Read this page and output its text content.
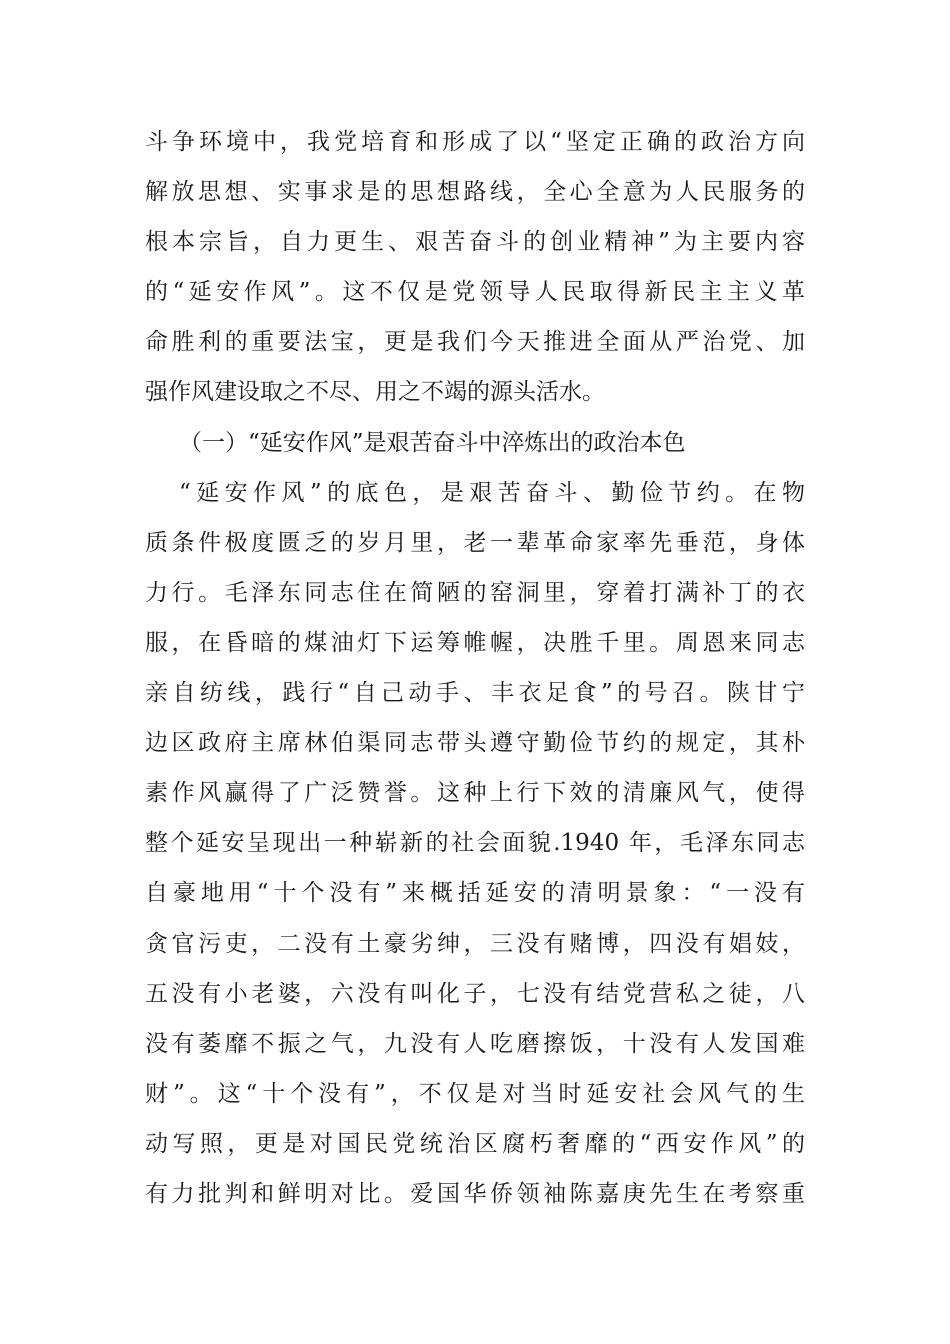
斗争环境中，我党培育和形成了以“坚定正确的政治方向
解放思想、实事求是的思想路线，全心全意为人民服务的
根本宗旨，自力更生、艰苦奋斗的创业精神”为主要内容
的“延安作风”。这不仅是党领导人民取得新民主主义革
命胜利的重要法宝，更是我们今天推进全面从严治党、加
强作风建设取之不尽、用之不竭的源头活水。
（一）“延安作风”是艰苦奋斗中淬炼出的政治本色
“延安作风”的底色，是艰苦奋斗、勤俭节约。在物
质条件极度匮乏的岁月里，老一辈革命家率先垂范，身体
力行。毛泽东同志住在简陋的窑洞里，穿着打满补丁的衣
服，在昏暗的煤油灯下运筹帷幄，决胜千里。周恩来同志
亲自纺线，践行“自己动手、丰衣足食”的号召。陕甘宁
边区政府主席林伯渠同志带头遵守勤俭节约的规定，其朴
素作风赢得了广泛赞誉。这种上行下效的清廉风气，使得
整个延安呈现出一种崭新的社会面貌.1940 年，毛泽东同志
自豪地用“十个没有”来概括延安的清明景象：“一没有
贪官污吏，二没有土豪劣绅，三没有赌博，四没有娼妓，
五没有小老婆，六没有叫化子，七没有结党营私之徒，八
没有萎靡不振之气，九没有人吃磨擦饭，十没有人发国难
财”。这“十个没有”，不仅是对当时延安社会风气的生
动写照，更是对国民党统治区腐朽奢靡的“西安作风”的
有力批判和鲜明对比。爱国华侨领袖陈嘉庚先生在考察重
